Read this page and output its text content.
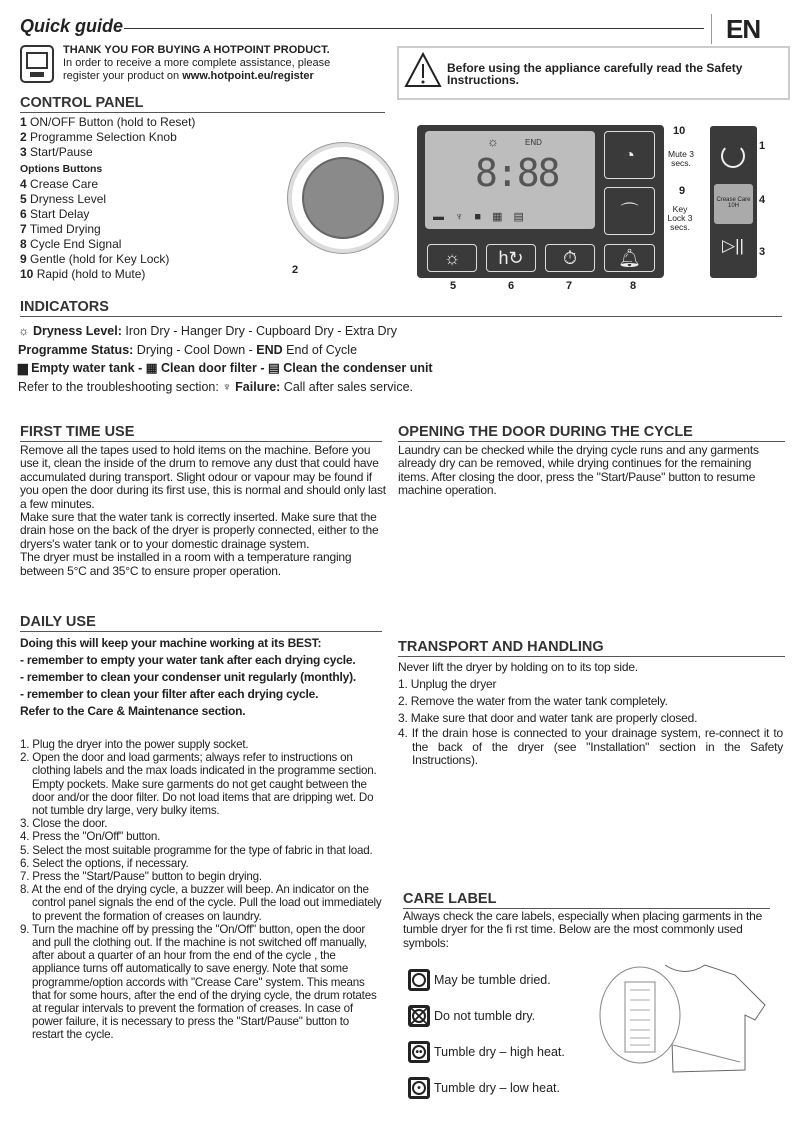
Quick guide	EN
THANK YOU FOR BUYING A HOTPOINT PRODUCT.
In order to receive a more complete assistance, please
register your product on www.hotpoint.eu/register
Before using the appliance carefully read the Safety Instructions.
CONTROL PANEL
1 ON/OFF Button (hold to Reset)
2 Programme Selection Knob
3 Start/Pause
Options Buttons
4 Crease Care
5 Dryness Level
6 Start Delay
7 Timed Drying
8 Cycle End Signal
9 Gentle (hold for Key Lock)
10 Rapid (hold to Mute)	2
☼	END
8:88
▬ ♆ ■ ▦ ▤
◔
⌒
☼ h↻ ⏱ 🔔︎
Mute 3 secs.
Key Lock 3 secs.
10
9
1
4
3
5	6	7	8
Crease Care 10H
▷||
INDICATORS
☼ Dryness Level: Iron Dry - Hanger Dry - Cupboard Dry - Extra Dry
Programme Status: Drying - Cool Down - END End of Cycle
▆ Empty water tank - ▦ Clean door filter - ▤ Clean the condenser unit
Refer to the troubleshooting section: ♆ Failure: Call after sales service.
FIRST TIME USE
Remove all the tapes used to hold items on the machine. Before you use it, clean the inside of the drum to remove any dust that could have accumulated during transport. Slight odour or vapour may be found if you open the door during its first use, this is normal and should only last a few minutes.
Make sure that the water tank is correctly inserted. Make sure that the drain hose on the back of the dryer is properly connected, either to the dryers's water tank or to your domestic drainage system.
The dryer must be installed in a room with a temperature ranging between 5°C and 35°C to ensure proper operation.
OPENING THE DOOR DURING THE CYCLE
Laundry can be checked while the drying cycle runs and any garments already dry can be removed, while drying continues for the remaining items. After closing the door, press the "Start/Pause" button to resume machine operation.
DAILY USE
Doing this will keep your machine working at its BEST:
- remember to empty your water tank after each drying cycle.
- remember to clean your condenser unit regularly (monthly).
- remember to clean your filter after each drying cycle.
Refer to the Care & Maintenance section.
1. Plug the dryer into the power supply socket.
2. Open the door and load garments; always refer to instructions on clothing labels and the max loads indicated in the programme section. Empty pockets. Make sure garments do not get caught between the door and/or the door filter. Do not load items that are dripping wet. Do not tumble dry large, very bulky items.
3. Close the door.
4. Press the "On/Off" button.
5. Select the most suitable programme for the type of fabric in that load.
6. Select the options, if necessary.
7. Press the "Start/Pause" button to begin drying.
8. At the end of the drying cycle, a buzzer will beep. An indicator on the control panel signals the end of the cycle. Pull the load out immediately to prevent the formation of creases on laundry.
9. Turn the machine off by pressing the "On/Off" button, open the door and pull the clothing out. If the machine is not switched off manually, after about a quarter of an hour from the end of the cycle , the appliance turns off automatically to save energy. Note that some programme/option accords with "Crease Care" system. This means that for some hours, after the end of the drying cycle, the drum rotates at regular intervals to prevent the formation of creases. In case of power failure, it is necessary to press the "Start/Pause" button to restart the cycle.
TRANSPORT AND HANDLING
Never lift the dryer by holding on to its top side.
1. Unplug the dryer
2. Remove the water from the water tank completely.
3. Make sure that door and water tank are properly closed.
4. If the drain hose is connected to your drainage system, re-connect it to the back of the dryer (see "Installation" section in the Safety Instructions).
CARE LABEL
Always check the care labels, especially when placing garments in the tumble dryer for the fi rst time. Below are the most commonly used symbols:
May be tumble dried.
Do not tumble dry.
•• Tumble dry – high heat.
•	Tumble dry – low heat.
